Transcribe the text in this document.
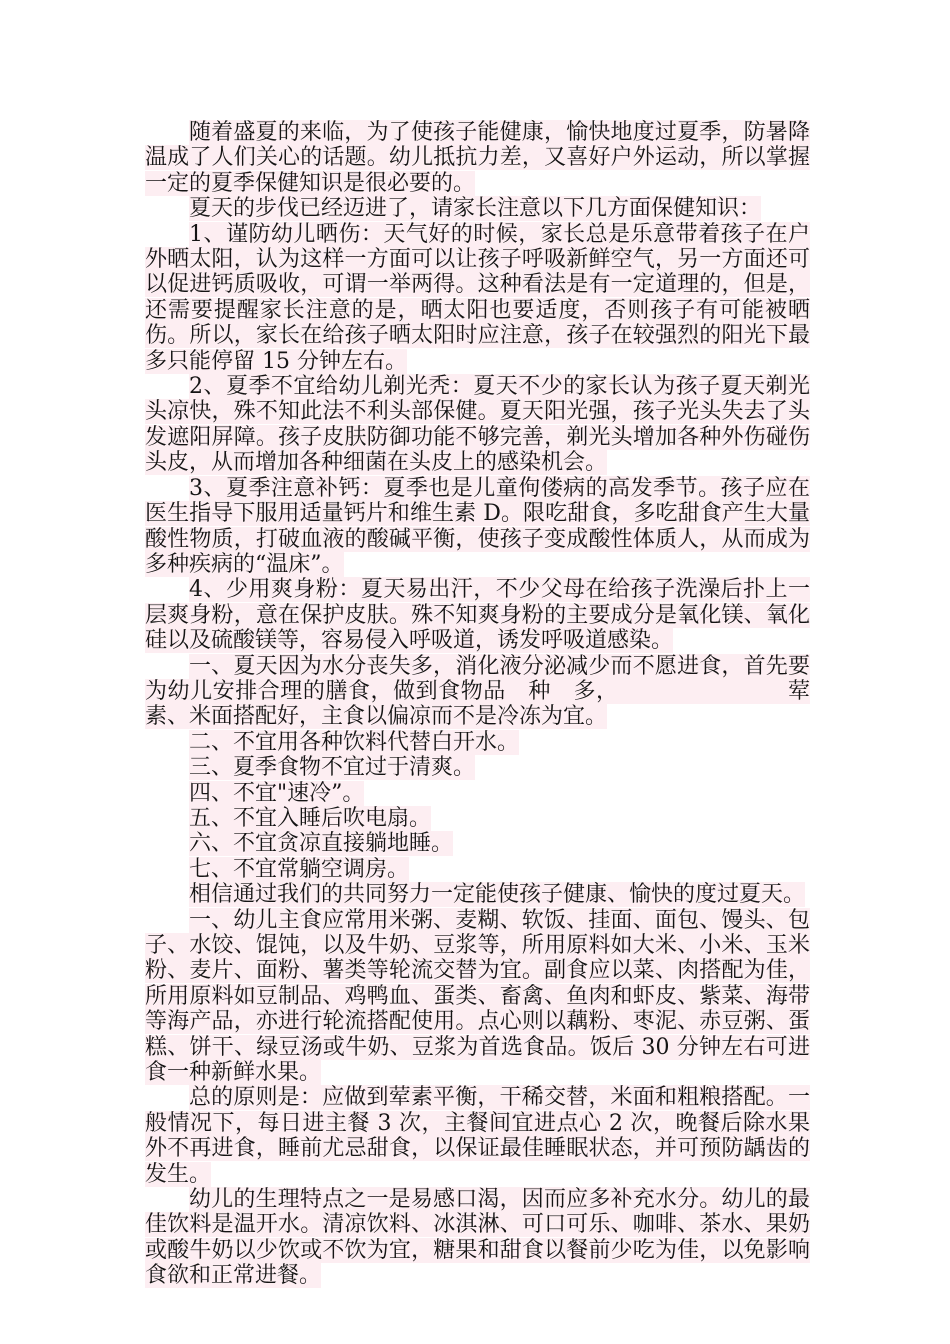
随着盛夏的来临，为了使孩子能健康，愉快地度过夏季，防暑降温成了人们关心的话题。幼儿抵抗力差，又喜好户外运动，所以掌握一定的夏季保健知识是很必要的。

夏天的步伐已经迈进了，请家长注意以下几方面保健知识：

1、谨防幼儿晒伤：天气好的时候，家长总是乐意带着孩子在户外晒太阳，认为这样一方面可以让孩子呼吸新鲜空气，另一方面还可以促进钙质吸收，可谓一举两得。这种看法是有一定道理的，但是，还需要提醒家长注意的是，晒太阳也要适度，否则孩子有可能被晒伤。所以，家长在给孩子晒太阳时应注意，孩子在较强烈的阳光下最多只能停留 15 分钟左右。

2、夏季不宜给幼儿剃光秃：夏天不少的家长认为孩子夏天剃光头凉快，殊不知此法不利头部保健。夏天阳光强，孩子光头失去了头发遮阳屏障。孩子皮肤防御功能不够完善，剃光头增加各种外伤碰伤头皮，从而增加各种细菌在头皮上的感染机会。

3、夏季注意补钙：夏季也是儿童佝偻病的高发季节。孩子应在医生指导下服用适量钙片和维生素 D。限吃甜食，多吃甜食产生大量酸性物质，打破血液的酸碱平衡，使孩子变成酸性体质人，从而成为多种疾病的“温床”。

4、少用爽身粉：夏天易出汗，不少父母在给孩子洗澡后扑上一层爽身粉，意在保护皮肤。殊不知爽身粉的主要成分是氧化镁、氧化硅以及硫酸镁等，容易侵入呼吸道，诱发呼吸道感染。

一、夏天因为水分丧失多，消化液分泌减少而不愿进食，首先要为幼儿安排合理的膳食，做到食物品　种　多，　　　　　　　　荤素、米面搭配好，主食以偏凉而不是冷冻为宜。

二、不宜用各种饮料代替白开水。

三、夏季食物不宜过于清爽。

四、不宜"速冷”。

五、不宜入睡后吹电扇。

六、不宜贪凉直接躺地睡。

七、不宜常躺空调房。

相信通过我们的共同努力一定能使孩子健康、愉快的度过夏天。

一、幼儿主食应常用米粥、麦糊、软饭、挂面、面包、馒头、包子、水饺、馄饨，以及牛奶、豆浆等，所用原料如大米、小米、玉米粉、麦片、面粉、薯类等轮流交替为宜。副食应以菜、肉搭配为佳，所用原料如豆制品、鸡鸭血、蛋类、畜禽、鱼肉和虾皮、紫菜、海带等海产品，亦进行轮流搭配使用。点心则以藕粉、枣泥、赤豆粥、蛋糕、饼干、绿豆汤或牛奶、豆浆为首选食品。饭后 30 分钟左右可进食一种新鲜水果。

总的原则是：应做到荤素平衡，干稀交替，米面和粗粮搭配。一般情况下，每日进主餐 3 次，主餐间宜进点心 2 次，晚餐后除水果外不再进食，睡前尤忌甜食，以保证最佳睡眠状态，并可预防龋齿的发生。

幼儿的生理特点之一是易感口渴，因而应多补充水分。幼儿的最佳饮料是温开水。清凉饮料、冰淇淋、可口可乐、咖啡、茶水、果奶或酸牛奶以少饮或不饮为宜，糖果和甜食以餐前少吃为佳，以免影响食欲和正常进餐。
